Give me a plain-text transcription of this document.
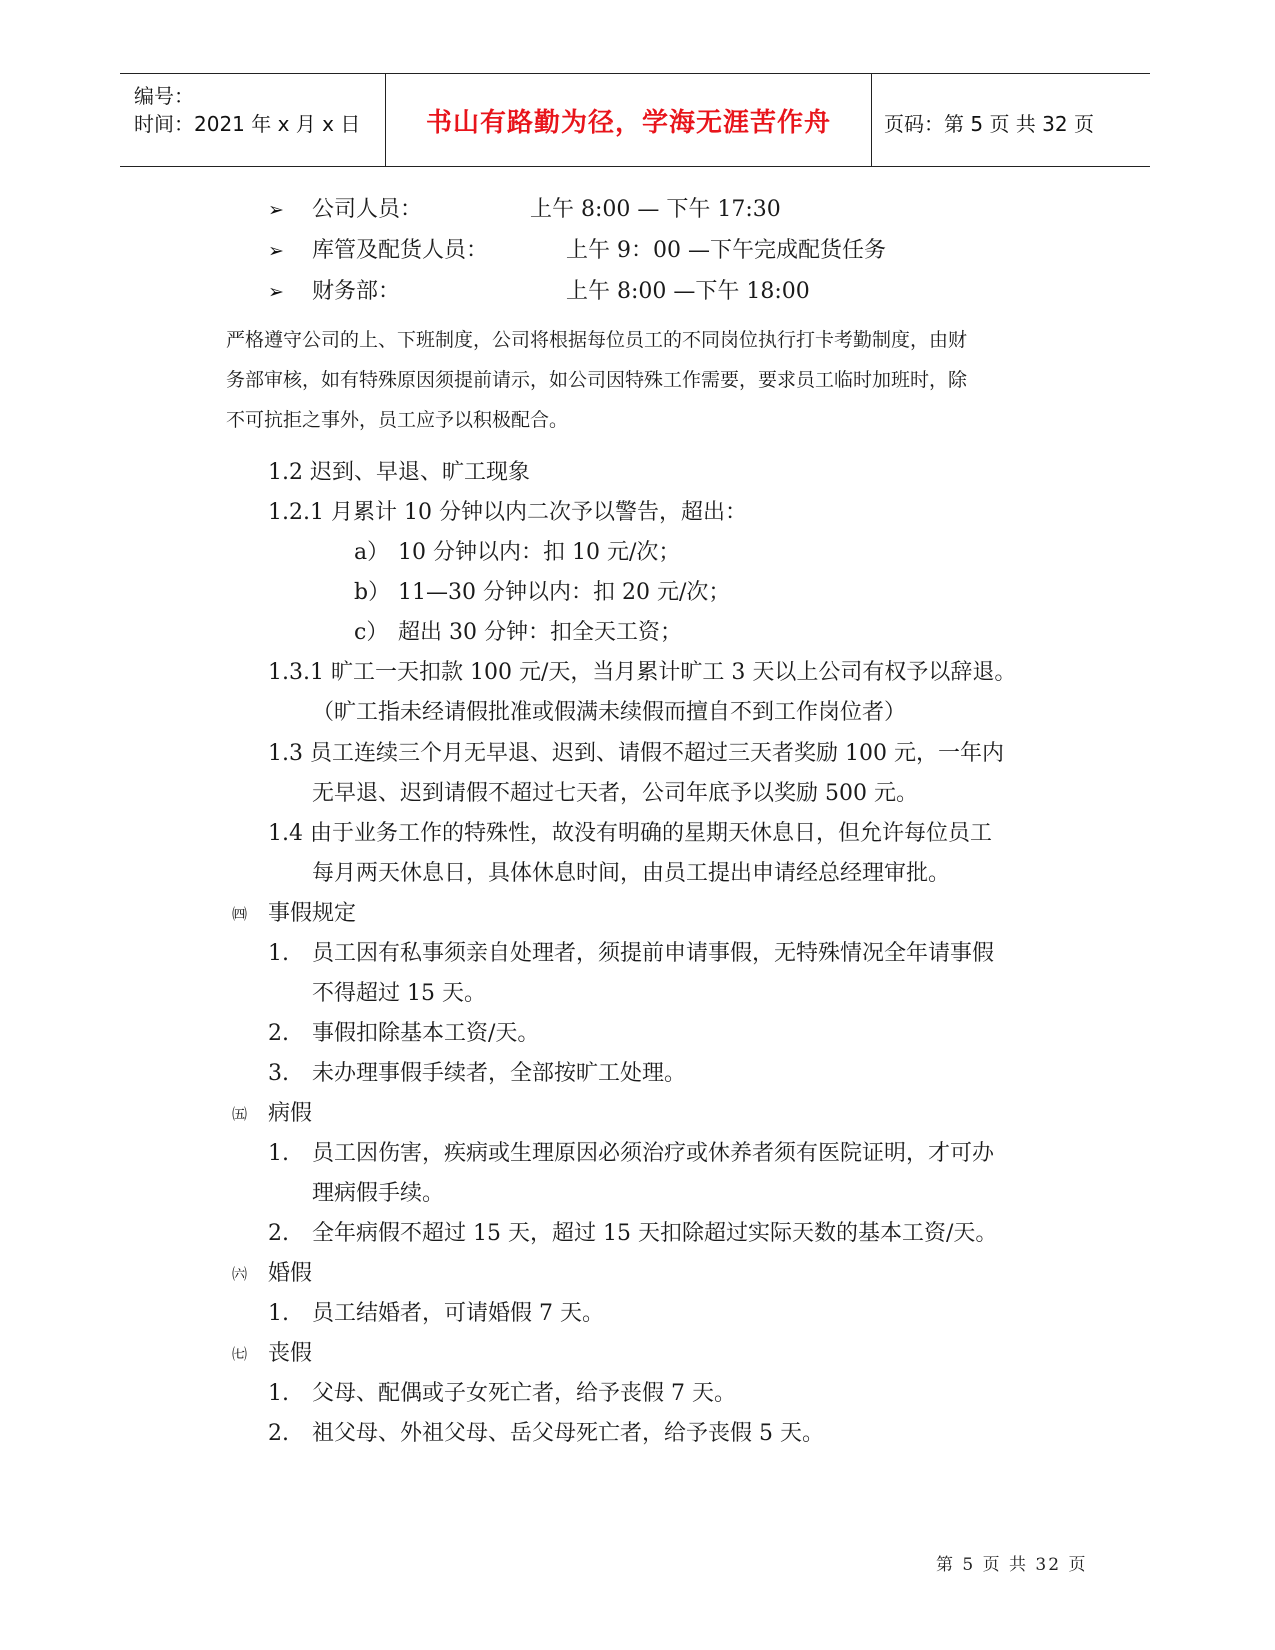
编号：
时间：2021 年 x 月 x 日	书山有路勤为径，学海无涯苦作舟	页码：第 5 页 共 32 页
➢ 公司人员：	上午 8:00 — 下午 17:30
➢ 库管及配货人员：	上午 9：00 —下午完成配货任务
➢ 财务部：	上午 8:00 —下午 18:00
严格遵守公司的上、下班制度，公司将根据每位员工的不同岗位执行打卡考勤制度，由财
务部审核，如有特殊原因须提前请示，如公司因特殊工作需要，要求员工临时加班时，除
不可抗拒之事外，员工应予以积极配合。
1.2 迟到、早退、旷工现象
1.2.1 月累计 10 分钟以内二次予以警告，超出：
a） 10 分钟以内：扣 10 元/次；
b） 11—30 分钟以内：扣 20 元/次；
c） 超出 30 分钟：扣全天工资；
1.3.1 旷工一天扣款 100 元/天，当月累计旷工 3 天以上公司有权予以辞退。
（旷工指未经请假批准或假满未续假而擅自不到工作岗位者）
1.3 员工连续三个月无早退、迟到、请假不超过三天者奖励 100 元，一年内
无早退、迟到请假不超过七天者，公司年底予以奖励 500 元。
1.4 由于业务工作的特殊性，故没有明确的星期天休息日，但允许每位员工
每月两天休息日，具体休息时间，由员工提出申请经总经理审批。
㈣ 事假规定
1. 员工因有私事须亲自处理者，须提前申请事假，无特殊情况全年请事假
不得超过 15 天。
2. 事假扣除基本工资/天。
3. 未办理事假手续者，全部按旷工处理。
㈤ 病假
1. 员工因伤害，疾病或生理原因必须治疗或休养者须有医院证明，才可办
理病假手续。
2. 全年病假不超过 15 天，超过 15 天扣除超过实际天数的基本工资/天。
㈥ 婚假
1. 员工结婚者，可请婚假 7 天。
㈦ 丧假
1. 父母、配偶或子女死亡者，给予丧假 7 天。
2. 祖父母、外祖父母、岳父母死亡者，给予丧假 5 天。
第 5 页 共 32 页
